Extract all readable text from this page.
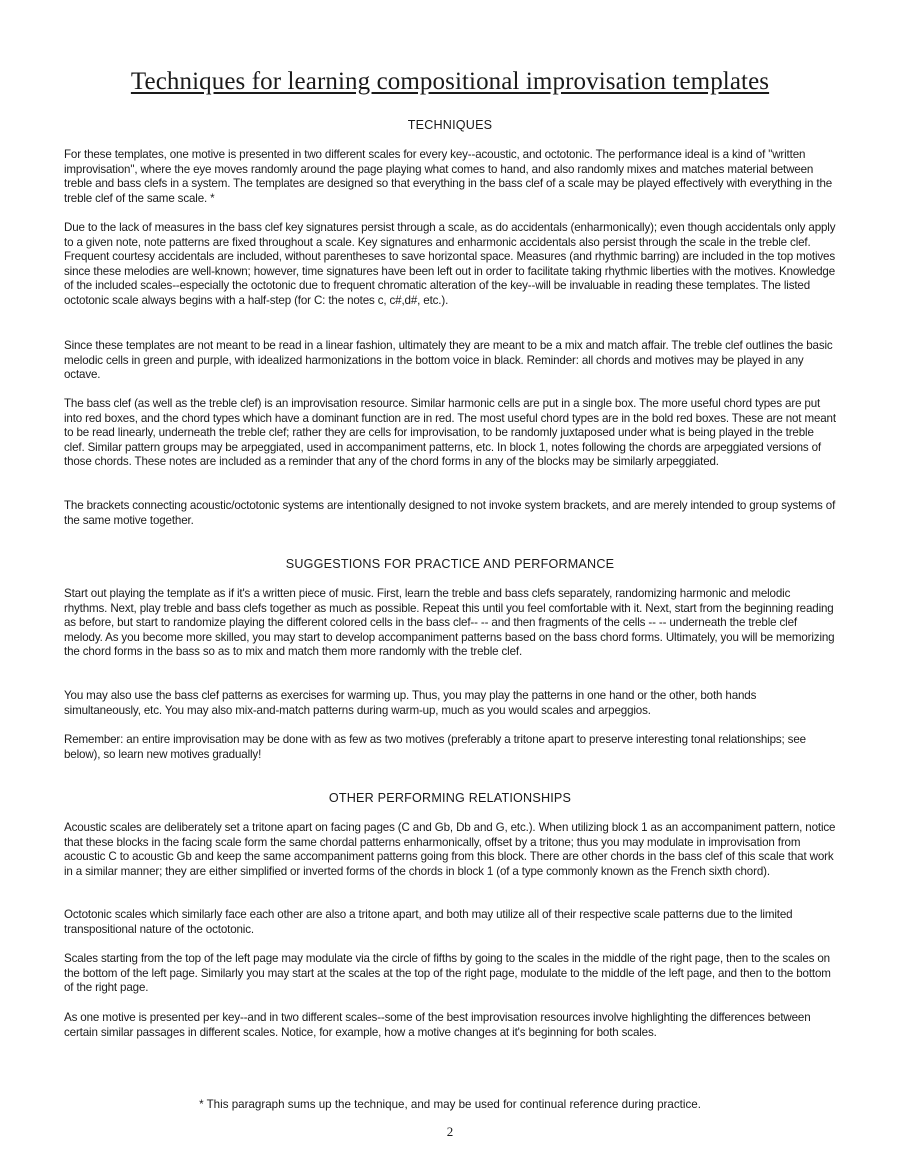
Techniques for learning compositional improvisation templates
TECHNIQUES

For these templates, one motive is presented in two different scales for every key--acoustic, and octotonic. The performance ideal is a kind of "written improvisation", where the eye moves randomly around the page playing what comes to hand, and also randomly mixes and matches material between treble and bass clefs in a system. The templates are designed so that everything in the bass clef of a scale may be played effectively with everything in the treble clef of the same scale. *

Due to the lack of measures in the bass clef key signatures persist through a scale, as do accidentals (enharmonically); even though accidentals only apply to a given note, note patterns are fixed throughout a scale. Key signatures and enharmonic accidentals also persist through the scale in the treble clef. Frequent courtesy accidentals are included, without parentheses to save horizontal space. Measures (and rhythmic barring) are included in the top motives since these melodies are well-known; however, time signatures have been left out in order to facilitate taking rhythmic liberties with the motives. Knowledge of the included scales--especially the octotonic due to frequent chromatic alteration of the key--will be invaluable in reading these templates. The listed octotonic scale always begins with a half-step (for C: the notes c, c#,d#, etc.).

Since these templates are not meant to be read in a linear fashion, ultimately they are meant to be a mix and match affair. The treble clef outlines the basic melodic cells in green and purple, with idealized harmonizations in the bottom voice in black. Reminder: all chords and motives may be played in any octave.

The bass clef (as well as the treble clef) is an improvisation resource. Similar harmonic cells are put in a single box. The more useful chord types are put into red boxes, and the chord types which have a dominant function are in red. The most useful chord types are in the bold red boxes. These are not meant to be read linearly, underneath the treble clef; rather they are cells for improvisation, to be randomly juxtaposed under what is being played in the treble clef. Similar pattern groups may be arpeggiated, used in accompaniment patterns, etc. In block 1, notes following the chords are arpeggiated versions of those chords. These notes are included as a reminder that any of the chord forms in any of the blocks may be similarly arpeggiated.

The brackets connecting acoustic/octotonic systems are intentionally designed to not invoke system brackets, and are merely intended to group systems of the same motive together.

SUGGESTIONS FOR PRACTICE AND PERFORMANCE

Start out playing the template as if it's a written piece of music. First, learn the treble and bass clefs separately, randomizing harmonic and melodic rhythms. Next, play treble and bass clefs together as much as possible. Repeat this until you feel comfortable with it. Next, start from the beginning reading as before, but start to randomize playing the different colored cells in the bass clef-- -- and then fragments of the cells -- -- underneath the treble clef melody. As you become more skilled, you may start to develop accompaniment patterns based on the bass chord forms. Ultimately, you will be memorizing the chord forms in the bass so as to mix and match them more randomly with the treble clef.

You may also use the bass clef patterns as exercises for warming up. Thus, you may play the patterns in one hand or the other, both hands simultaneously, etc. You may also mix-and-match patterns during warm-up, much as you would scales and arpeggios.

Remember: an entire improvisation may be done with as few as two motives (preferably a tritone apart to preserve interesting tonal relationships; see below), so learn new motives gradually!

OTHER PERFORMING RELATIONSHIPS

Acoustic scales are deliberately set a tritone apart on facing pages (C and Gb, Db and G, etc.). When utilizing block 1 as an accompaniment pattern, notice that these blocks in the facing scale form the same chordal patterns enharmonically, offset by a tritone; thus you may modulate in improvisation from acoustic C to acoustic Gb and keep the same accompaniment patterns going from this block. There are other chords in the bass clef of this scale that work in a similar manner; they are either simplified or inverted forms of the chords in block 1 (of a type commonly known as the French sixth chord).

Octotonic scales which similarly face each other are also a tritone apart, and both may utilize all of their respective scale patterns due to the limited transpositional nature of the octotonic.

Scales starting from the top of the left page may modulate via the circle of fifths by going to the scales in the middle of the right page, then to the scales on the bottom of the left page. Similarly you may start at the scales at the top of the right page, modulate to the middle of the left page, and then to the bottom of the right page.

As one motive is presented per key--and in two different scales--some of the best improvisation resources involve highlighting the differences between certain similar passages in different scales. Notice, for example, how a motive changes at it's beginning for both scales.

* This paragraph sums up the technique, and may be used for continual reference during practice.
2
